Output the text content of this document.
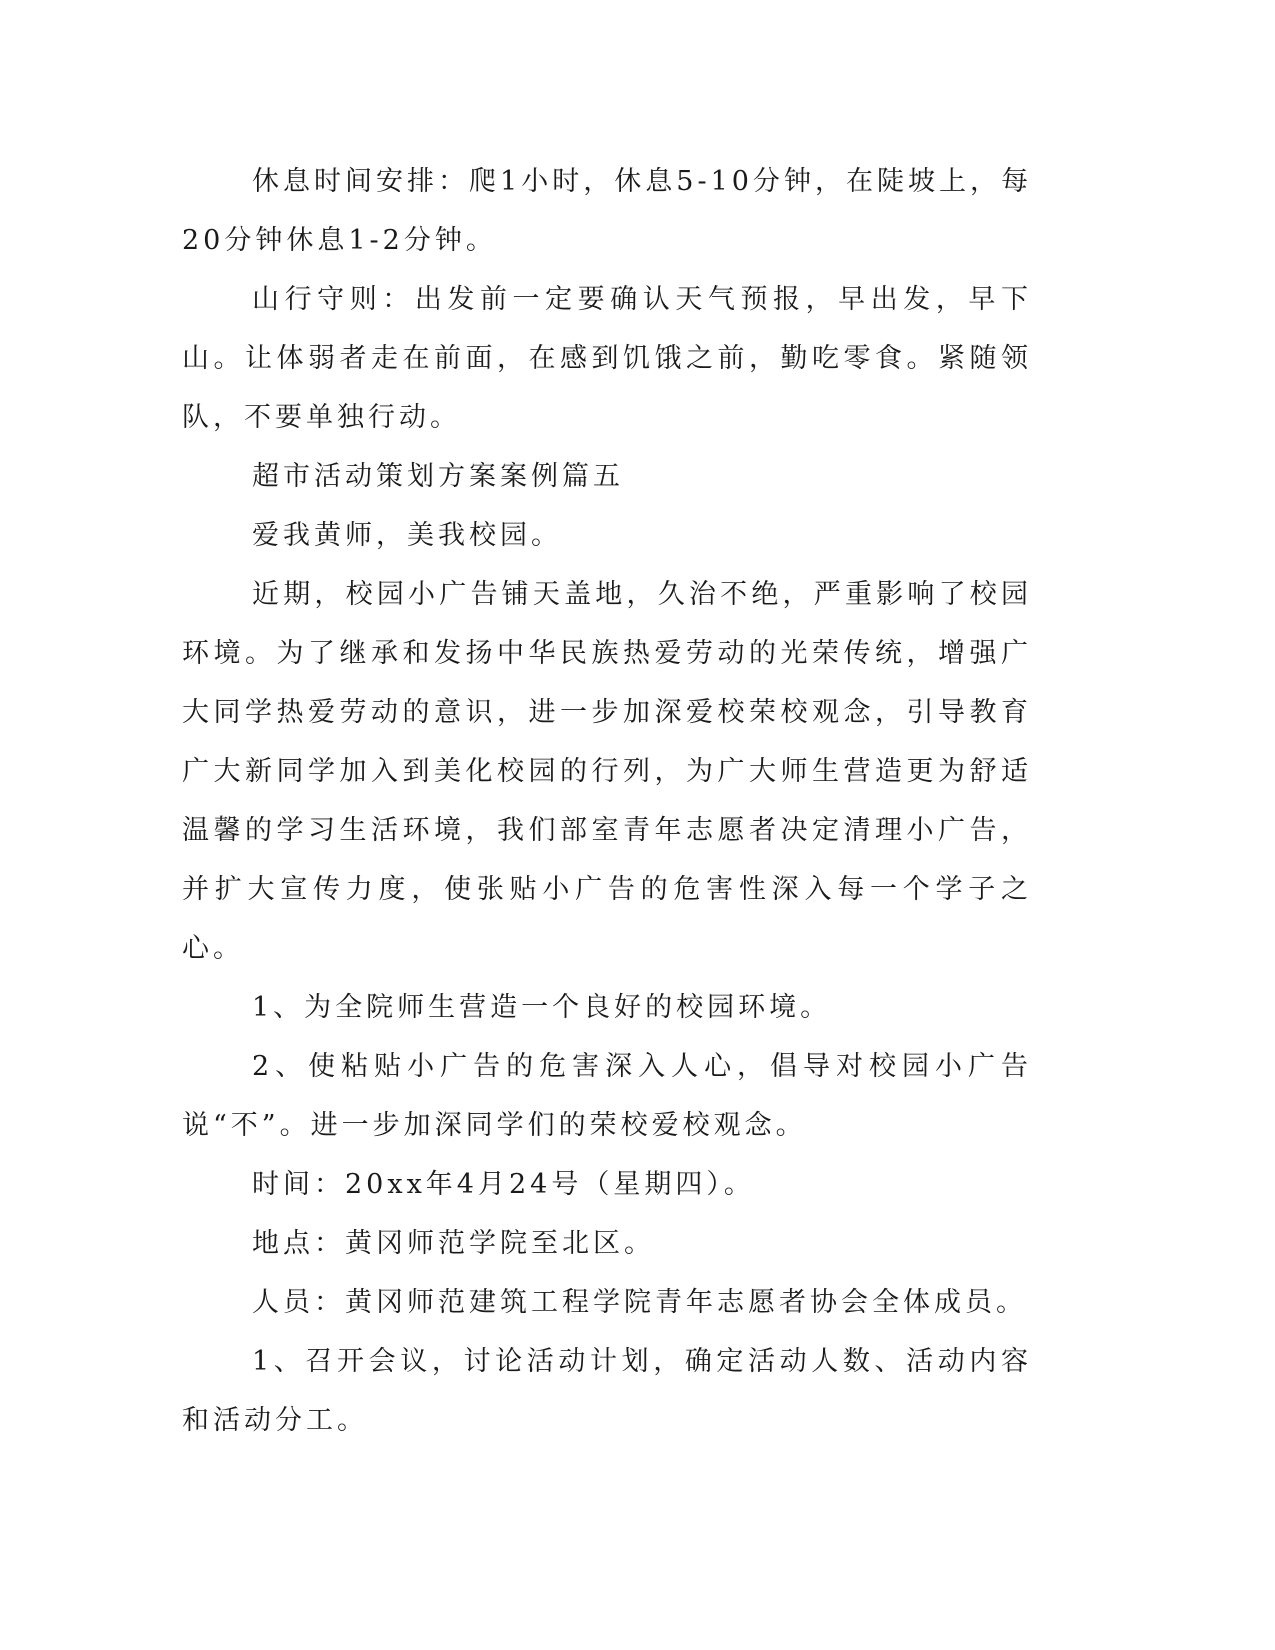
休息时间安排：爬1小时，休息5-10分钟，在陡坡上，每20分钟休息1-2分钟。

山行守则：出发前一定要确认天气预报，早出发，早下山。让体弱者走在前面，在感到饥饿之前，勤吃零食。紧随领队，不要单独行动。

超市活动策划方案案例篇五

爱我黄师，美我校园。

近期，校园小广告铺天盖地，久治不绝，严重影响了校园环境。为了继承和发扬中华民族热爱劳动的光荣传统，增强广大同学热爱劳动的意识，进一步加深爱校荣校观念，引导教育广大新同学加入到美化校园的行列，为广大师生营造更为舒适温馨的学习生活环境，我们部室青年志愿者决定清理小广告，并扩大宣传力度，使张贴小广告的危害性深入每一个学子之心。

1、为全院师生营造一个良好的校园环境。

2、使粘贴小广告的危害深入人心，倡导对校园小广告说“不”。进一步加深同学们的荣校爱校观念。

时间：20xx年4月24号（星期四）。

地点：黄冈师范学院至北区。

人员：黄冈师范建筑工程学院青年志愿者协会全体成员。

1、召开会议，讨论活动计划，确定活动人数、活动内容和活动分工。
